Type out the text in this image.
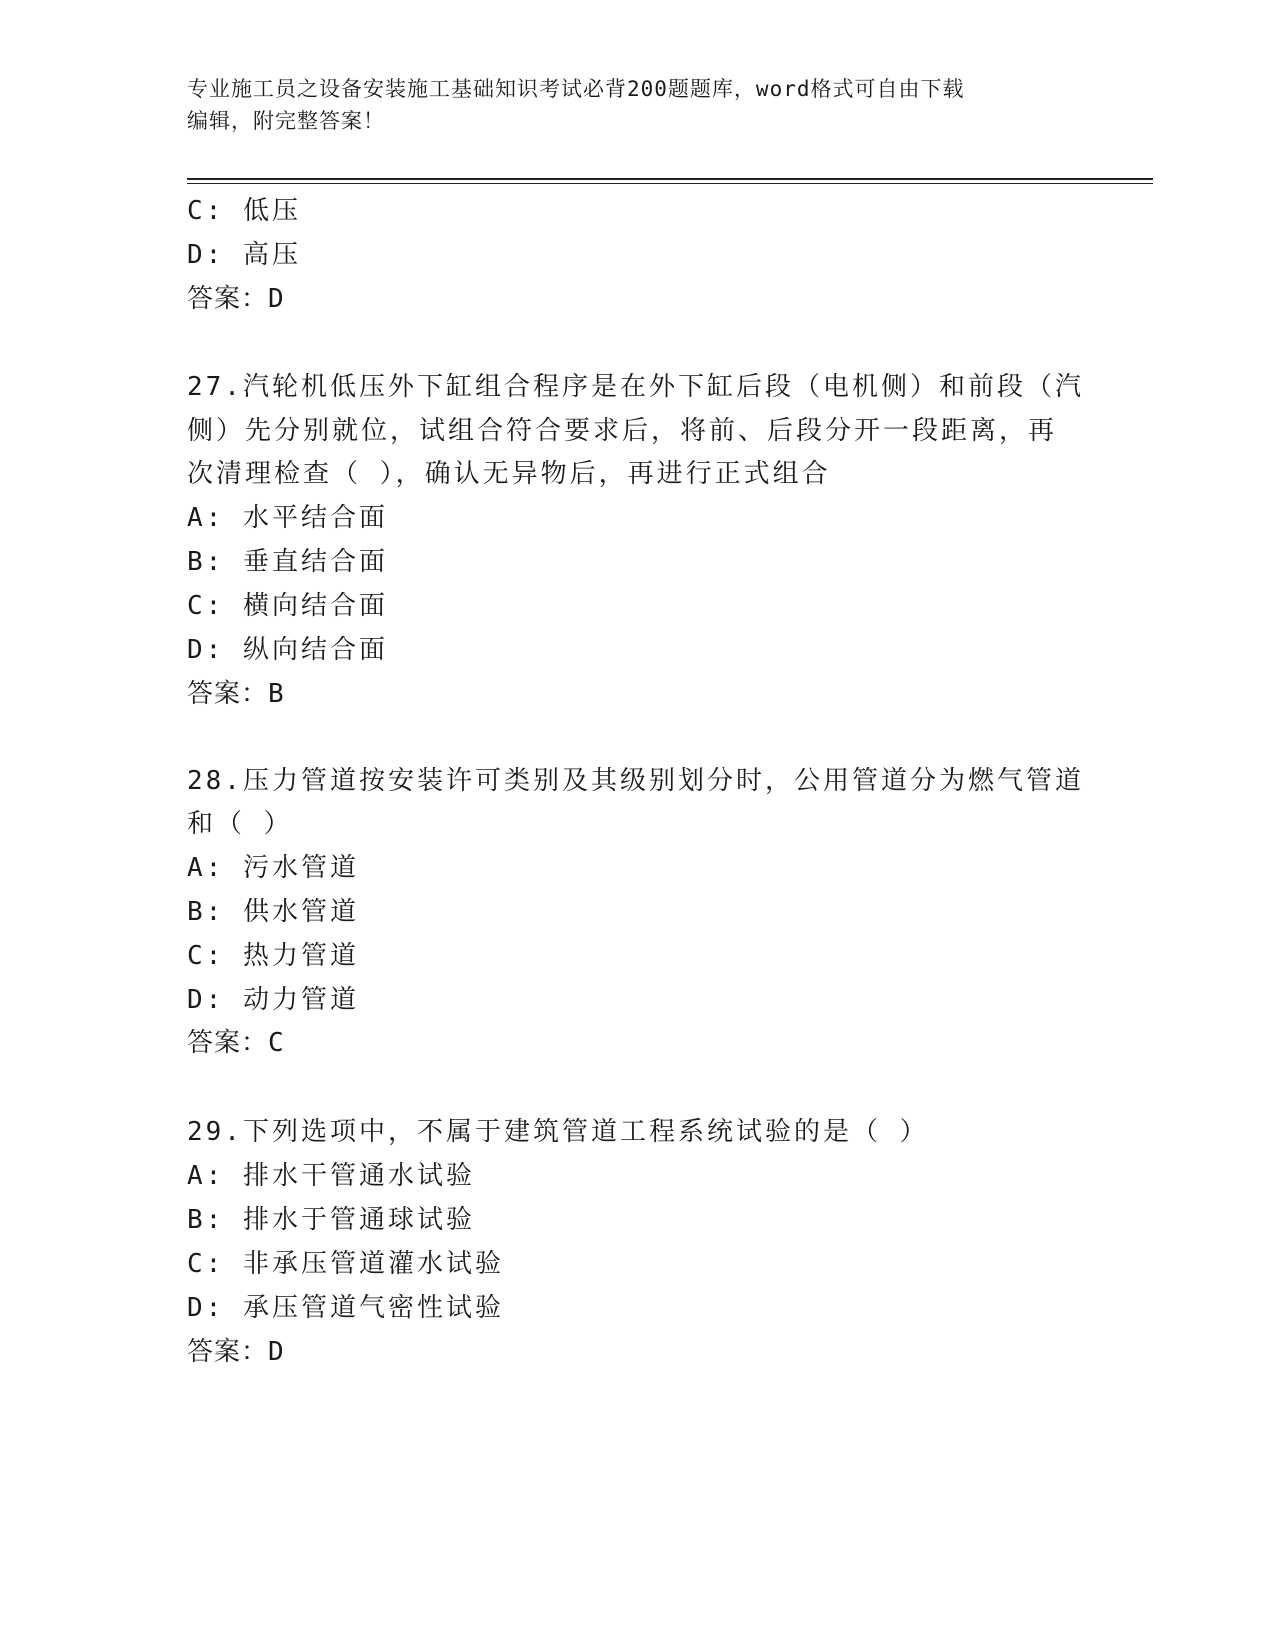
专业施工员之设备安装施工基础知识考试必背200题题库，word格式可自由下载
编辑，附完整答案！
C: 低压
D: 高压
答案：D
27.汽轮机低压外下缸组合程序是在外下缸后段（电机侧）和前段（汽
侧）先分别就位，试组合符合要求后，将前、后段分开一段距离，再
次清理检查（ ），确认无异物后，再进行正式组合
A: 水平结合面
B: 垂直结合面
C: 横向结合面
D: 纵向结合面
答案：B
28.压力管道按安装许可类别及其级别划分时，公用管道分为燃气管道
和（ ）
A: 污水管道
B: 供水管道
C: 热力管道
D: 动力管道
答案：C
29.下列选项中，不属于建筑管道工程系统试验的是（ ）
A: 排水干管通水试验
B: 排水于管通球试验
C: 非承压管道灌水试验
D: 承压管道气密性试验
答案：D
